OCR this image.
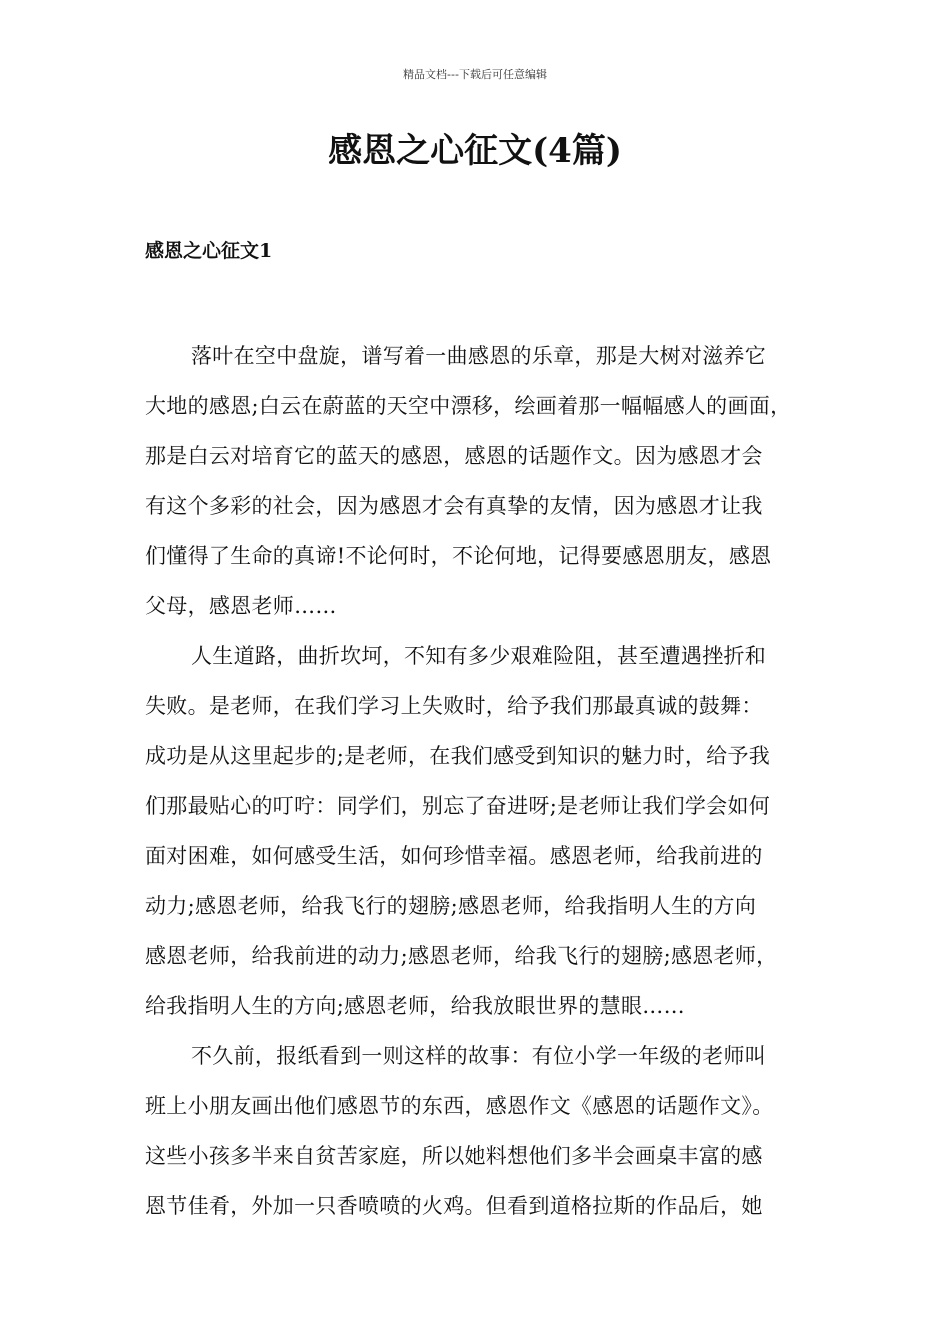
精品文档---下载后可任意编辑
感恩之心征文(4篇)
感恩之心征文1

落叶在空中盘旋，谱写着一曲感恩的乐章，那是大树对滋养它
大地的感恩;白云在蔚蓝的天空中漂移，绘画着那一幅幅感人的画面，
那是白云对培育它的蓝天的感恩，感恩的话题作文。因为感恩才会
有这个多彩的社会，因为感恩才会有真挚的友情，因为感恩才让我
们懂得了生命的真谛!不论何时，不论何地，记得要感恩朋友，感恩
父母，感恩老师……

人生道路，曲折坎坷，不知有多少艰难险阻，甚至遭遇挫折和
失败。是老师，在我们学习上失败时，给予我们那最真诚的鼓舞：
成功是从这里起步的;是老师，在我们感受到知识的魅力时，给予我
们那最贴心的叮咛：同学们，别忘了奋进呀;是老师让我们学会如何
面对困难，如何感受生活，如何珍惜幸福。感恩老师，给我前进的
动力;感恩老师，给我飞行的翅膀;感恩老师，给我指明人生的方向
感恩老师，给我前进的动力;感恩老师，给我飞行的翅膀;感恩老师，
给我指明人生的方向;感恩老师，给我放眼世界的慧眼……

不久前，报纸看到一则这样的故事：有位小学一年级的老师叫
班上小朋友画出他们感恩节的东西，感恩作文《感恩的话题作文》。
这些小孩多半来自贫苦家庭，所以她料想他们多半会画桌丰富的感
恩节佳肴，外加一只香喷喷的火鸡。但看到道格拉斯的作品后，她
